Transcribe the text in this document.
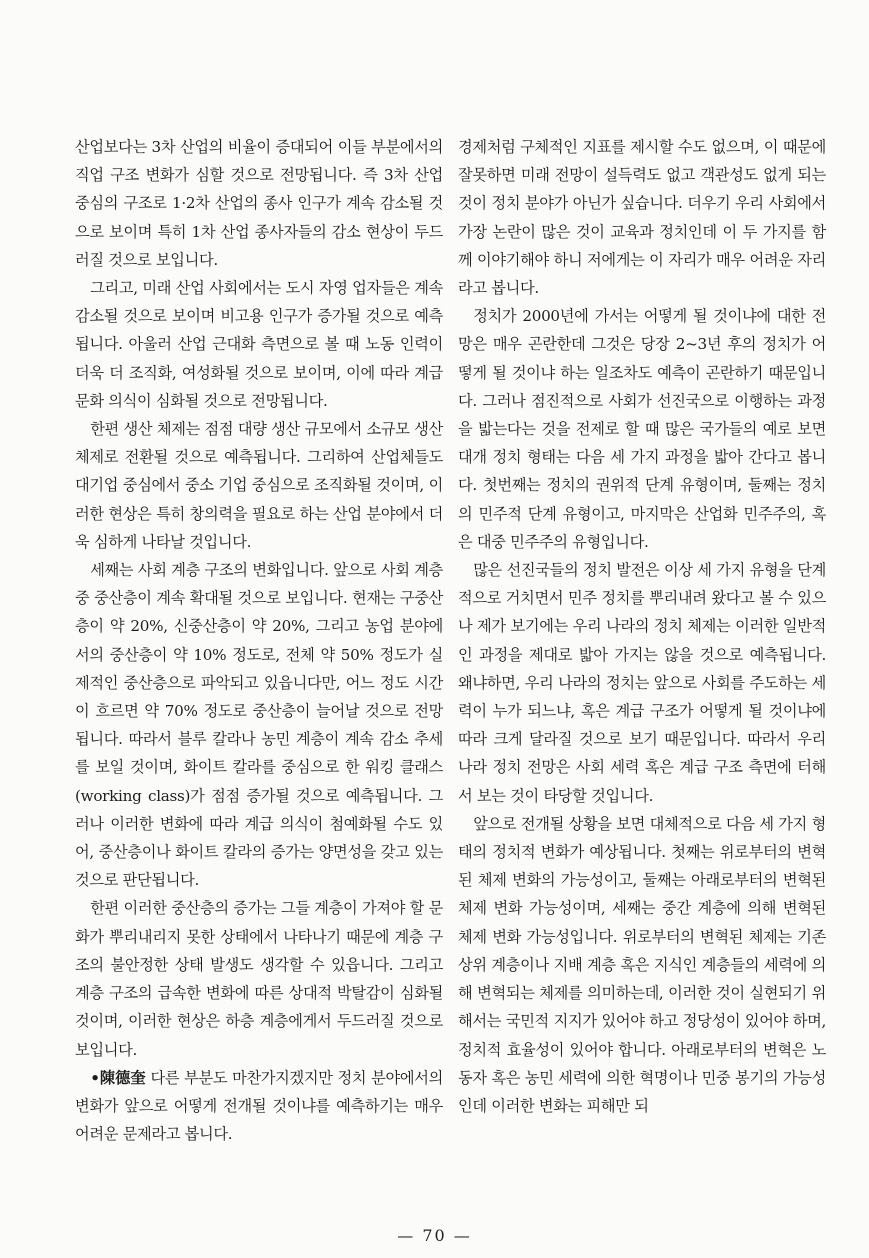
산업보다는 3차 산업의 비율이 증대되어 이들 부분에서의 직업 구조 변화가 심할 것으로 전망됩니다. 즉 3차 산업 중심의 구조로 1·2차 산업의 종사 인구가 계속 감소될 것으로 보이며 특히 1차 산업 종사자들의 감소 현상이 두드러질 것으로 보입니다.

그리고, 미래 산업 사회에서는 도시 자영 업자들은 계속 감소될 것으로 보이며 비고용 인구가 증가될 것으로 예측됩니다. 아울러 산업 근대화 측면으로 볼 때 노동 인력이 더욱 더 조직화, 여성화될 것으로 보이며, 이에 따라 계급 문화 의식이 심화될 것으로 전망됩니다.

한편 생산 체제는 점점 대량 생산 규모에서 소규모 생산 체제로 전환될 것으로 예측됩니다. 그리하여 산업체들도 대기업 중심에서 중소 기업 중심으로 조직화될 것이며, 이러한 현상은 특히 창의력을 필요로 하는 산업 분야에서 더욱 심하게 나타날 것입니다.

세째는 사회 계층 구조의 변화입니다. 앞으로 사회 계층 중 중산층이 계속 확대될 것으로 보입니다. 현재는 구중산층이 약 20%, 신중산층이 약 20%, 그리고 농업 분야에서의 중산층이 약 10% 정도로, 전체 약 50% 정도가 실제적인 중산층으로 파악되고 있읍니다만, 어느 정도 시간이 흐르면 약 70% 정도로 중산층이 늘어날 것으로 전망됩니다. 따라서 블루 칼라나 농민 계층이 계속 감소 추세를 보일 것이며, 화이트 칼라를 중심으로 한 워킹 클래스(working class)가 점점 증가될 것으로 예측됩니다. 그러나 이러한 변화에 따라 계급 의식이 첨예화될 수도 있어, 중산층이나 화이트 칼라의 증가는 양면성을 갖고 있는 것으로 판단됩니다.

한편 이러한 중산층의 증가는 그들 계층이 가져야 할 문화가 뿌리내리지 못한 상태에서 나타나기 때문에 계층 구조의 불안정한 상태 발생도 생각할 수 있읍니다. 그리고 계층 구조의 급속한 변화에 따른 상대적 박탈감이 심화될 것이며, 이러한 현상은 하층 계층에게서 두드러질 것으로 보입니다.

•陳德奎 다른 부분도 마찬가지겠지만 정치 분야에서의 변화가 앞으로 어떻게 전개될 것이냐를 예측하기는 매우 어려운 문제라고 봅니다.

경제처럼 구체적인 지표를 제시할 수도 없으며, 이 때문에 잘못하면 미래 전망이 설득력도 없고 객관성도 없게 되는 것이 정치 분야가 아닌가 싶습니다. 더우기 우리 사회에서 가장 논란이 많은 것이 교육과 정치인데 이 두 가지를 함께 이야기해야 하니 저에게는 이 자리가 매우 어려운 자리라고 봅니다.

정치가 2000년에 가서는 어떻게 될 것이냐에 대한 전망은 매우 곤란한데 그것은 당장 2~3년 후의 정치가 어떻게 될 것이냐 하는 일조차도 예측이 곤란하기 때문입니다. 그러나 점진적으로 사회가 선진국으로 이행하는 과정을 밟는다는 것을 전제로 할 때 많은 국가들의 예로 보면 대개 정치 형태는 다음 세 가지 과정을 밟아 간다고 봅니다. 첫번째는 정치의 권위적 단계 유형이며, 둘째는 정치의 민주적 단계 유형이고, 마지막은 산업화 민주주의, 혹은 대중 민주주의 유형입니다.

많은 선진국들의 정치 발전은 이상 세 가지 유형을 단계적으로 거치면서 민주 정치를 뿌리내려 왔다고 볼 수 있으나 제가 보기에는 우리 나라의 정치 체제는 이러한 일반적인 과정을 제대로 밟아 가지는 않을 것으로 예측됩니다. 왜냐하면, 우리 나라의 정치는 앞으로 사회를 주도하는 세력이 누가 되느냐, 혹은 계급 구조가 어떻게 될 것이냐에 따라 크게 달라질 것으로 보기 때문입니다. 따라서 우리 나라 정치 전망은 사회 세력 혹은 계급 구조 측면에 터해서 보는 것이 타당할 것입니다.

앞으로 전개될 상황을 보면 대체적으로 다음 세 가지 형태의 정치적 변화가 예상됩니다. 첫째는 위로부터의 변혁된 체제 변화의 가능성이고, 둘째는 아래로부터의 변혁된 체제 변화 가능성이며, 세째는 중간 계층에 의해 변혁된 체제 변화 가능성입니다. 위로부터의 변혁된 체제는 기존 상위 계층이나 지배 계층 혹은 지식인 계층들의 세력에 의해 변혁되는 체제를 의미하는데, 이러한 것이 실현되기 위해서는 국민적 지지가 있어야 하고 정당성이 있어야 하며, 정치적 효율성이 있어야 합니다. 아래로부터의 변혁은 노동자 혹은 농민 세력에 의한 혁명이나 민중 봉기의 가능성인데 이러한 변화는 피해만 되

— 70 —
